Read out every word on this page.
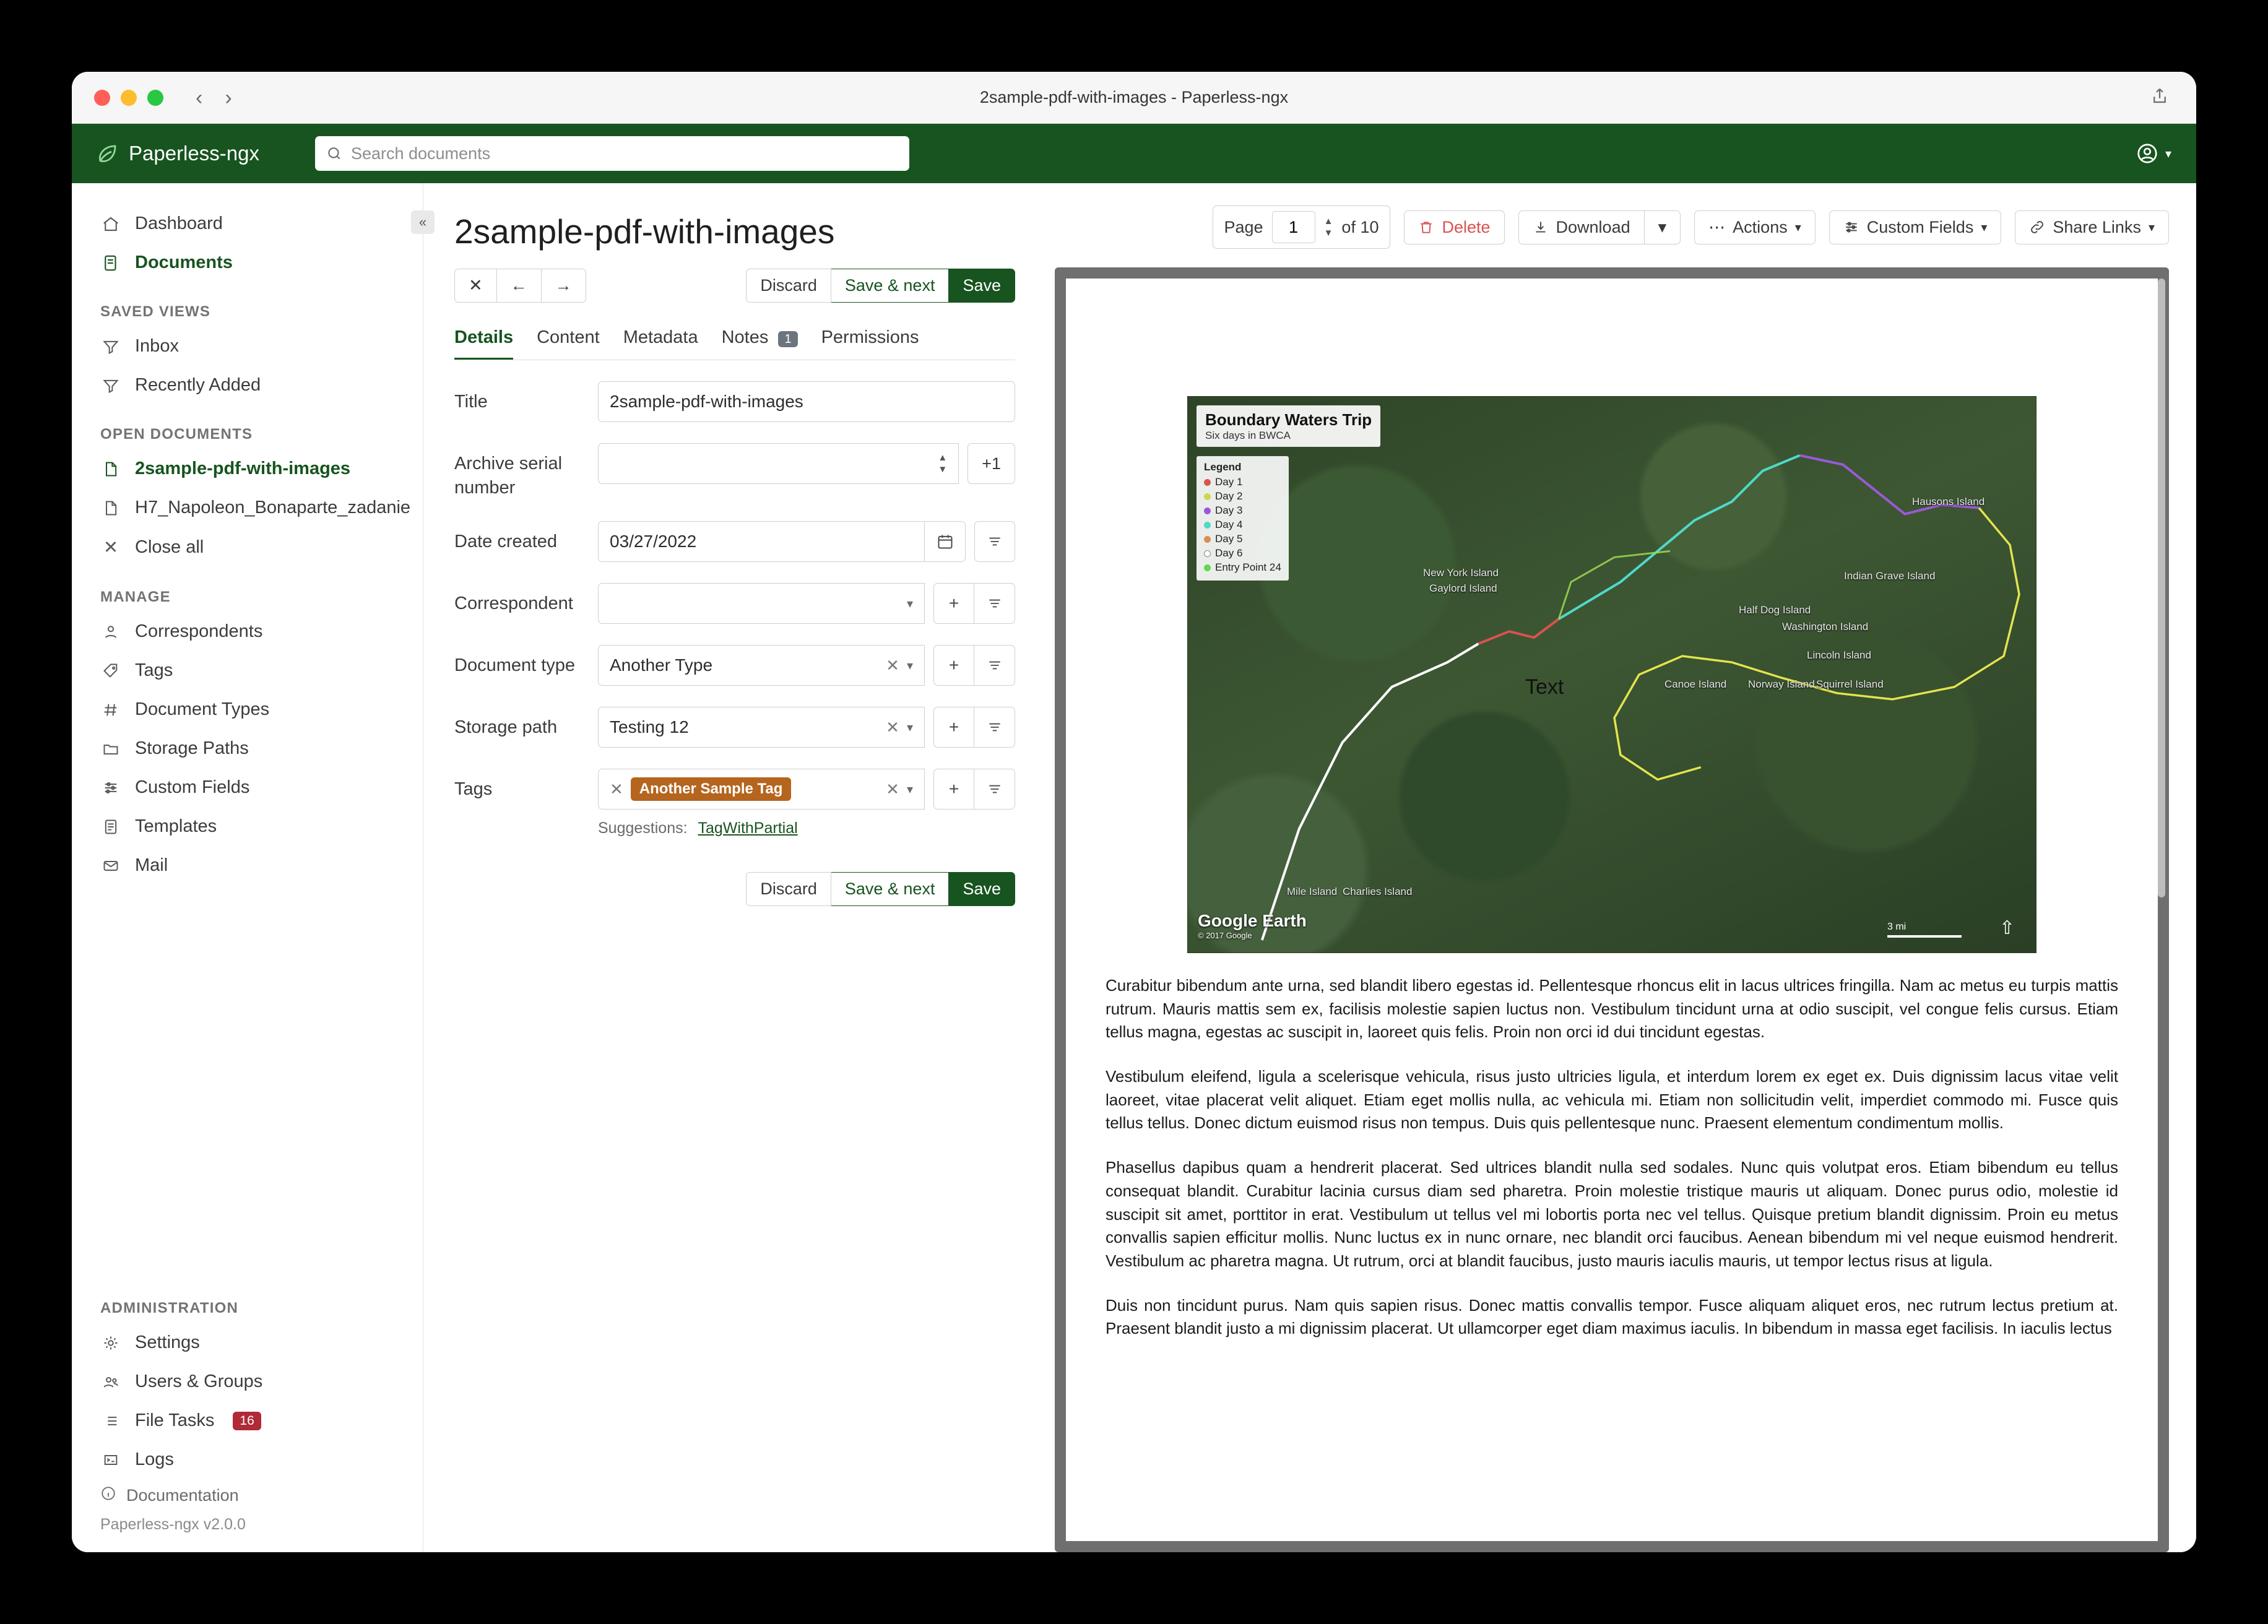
‹ ›	2sample-pdf-with-images - Paperless-ngx
Paperless-ngx	Search documents	▾
«
Dashboard
Documents
SAVED VIEWS
Inbox
Recently Added
OPEN DOCUMENTS
2sample-pdf-with-images
H7_Napoleon_Bonaparte_zadanie
✕ Close all
MANAGE
Correspondents
Tags
Document Types
Storage Paths
Custom Fields
Templates
Mail
ADMINISTRATION
Settings
Users & Groups
File Tasks	16
Logs
Documentation
Paperless-ngx v2.0.0
2sample-pdf-with-images
✕	←	→	Discard	Save & next	Save
Details Content Metadata Notes 1	Permissions
Title	2sample-pdf-with-images
Archive serial number
▲
▼	+1
Date created	03/27/2022
Correspondent	▾	+
Document type	Another Type	✕ ▾	+
Storage path	Testing 12	✕ ▾	+
Tags	✕	Another Sample Tag	✕ ▾	+
Suggestions: TagWithPartial
Discard	Save & next	Save
Page	1	▲
▼ of 10	Delete	Download	▾	⋯ Actions ▾	Custom Fields ▾	Share Links ▾
Boundary Waters Trip
Six days in BWCA
Legend
Day 1
Day 2
Day 3
Day 4
Day 5
Day 6
Entry Point 24
Hausons Island
New York Island
Gaylord Island
Indian Grave Island
Half Dog Island
Washington Island
Lincoln Island
Canoe Island Norway Island Squirrel Island
Mile Island Charlies Island
Text
Google Earth
© 2017 Google
3 mi	⇧
Curabitur bibendum ante urna, sed blandit libero egestas id. Pellentesque rhoncus elit in lacus ultrices fringilla. Nam ac metus eu turpis mattis rutrum. Mauris mattis sem ex, facilisis molestie sapien luctus non. Vestibulum tincidunt urna at odio suscipit, vel congue felis cursus. Etiam tellus magna, egestas ac suscipit in, laoreet quis felis. Proin non orci id dui tincidunt egestas.
Vestibulum eleifend, ligula a scelerisque vehicula, risus justo ultricies ligula, et interdum lorem ex eget ex. Duis dignissim lacus vitae velit laoreet, vitae placerat velit aliquet. Etiam eget mollis nulla, ac vehicula mi. Etiam non sollicitudin velit, imperdiet commodo mi. Fusce quis tellus tellus. Donec dictum euismod risus non tempus. Duis quis pellentesque nunc. Praesent elementum condimentum mollis.
Phasellus dapibus quam a hendrerit placerat. Sed ultrices blandit nulla sed sodales. Nunc quis volutpat eros. Etiam bibendum eu tellus consequat blandit. Curabitur lacinia cursus diam sed pharetra. Proin molestie tristique mauris ut aliquam. Donec purus odio, molestie id suscipit sit amet, porttitor in erat. Vestibulum ut tellus vel mi lobortis porta nec vel tellus. Quisque pretium blandit dignissim. Proin eu metus convallis sapien efficitur mollis. Nunc luctus ex in nunc ornare, nec blandit orci faucibus. Aenean bibendum mi vel neque euismod hendrerit. Vestibulum ac pharetra magna. Ut rutrum, orci at blandit faucibus, justo mauris iaculis mauris, ut tempor lectus risus at ligula.
Duis non tincidunt purus. Nam quis sapien risus. Donec mattis convallis tempor. Fusce aliquam aliquet eros, nec rutrum lectus pretium at. Praesent blandit justo a mi dignissim placerat. Ut ullamcorper eget diam maximus iaculis. In bibendum in massa eget facilisis. In iaculis lectus
